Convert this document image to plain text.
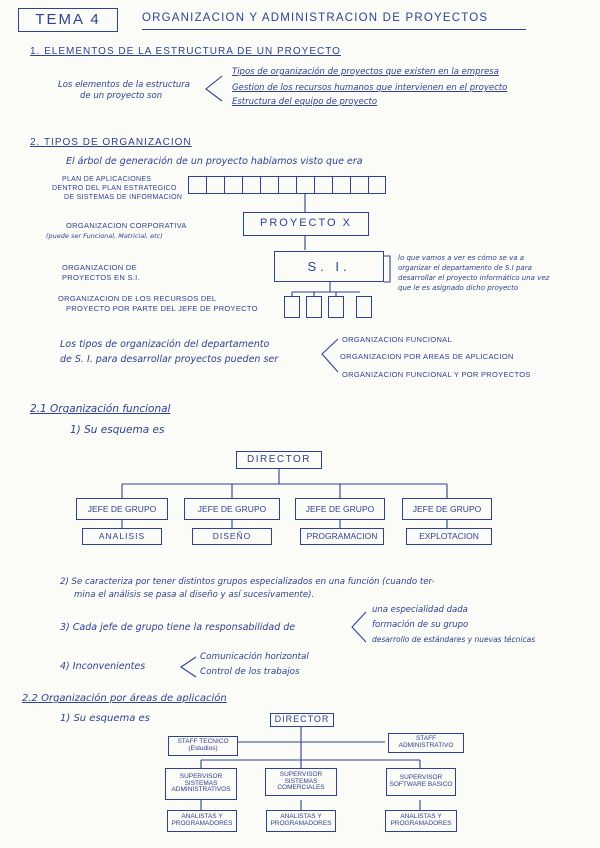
TEMA 4	ORGANIZACION Y ADMINISTRACION DE PROYECTOS
1. ELEMENTOS DE LA ESTRUCTURA DE UN PROYECTO
Los elementos de la estructura
de un proyecto son
Tipos de organización de proyectos que existen en la empresa
Gestion de los recursos humanos que intervienen en el proyecto
Estructura del equipo de proyecto
2. TIPOS DE ORGANIZACION
El árbol de generación de un proyecto habíamos visto que era
PLAN DE APLICACIONES
DENTRO DEL PLAN ESTRATEGICO
DE SISTEMAS DE INFORMACION
ORGANIZACION CORPORATIVA
(puede ser Funcional, Matricial, etc)
PROYECTO X
ORGANIZACION DE
PROYECTOS EN S.I.
S. I.
lo que vamos a ver es cómo se va a
organizar el departamento de S.I para
desarrollar el proyecto informático una vez
que le es asignado dicho proyecto
ORGANIZACION DE LOS RECURSOS DEL
PROYECTO POR PARTE DEL JEFE DE PROYECTO
Los tipos de organización del departamento
de S. I. para desarrollar proyectos pueden ser
ORGANIZACION FUNCIONAL
ORGANIZACION POR AREAS DE APLICACION
ORGANIZACION FUNCIONAL Y POR PROYECTOS
2.1 Organización funcional
1) Su esquema es
DIRECTOR
JEFE DE GRUPO	JEFE DE GRUPO	JEFE DE GRUPO	JEFE DE GRUPO
ANALISIS	DISEÑO	PROGRAMACION	EXPLOTACION
2) Se caracteriza por tener distintos grupos especializados en una función (cuando ter-
mina el análisis se pasa al diseño y así sucesivamente).
3) Cada jefe de grupo tiene la responsabilidad de
una especialidad dada
formación de su grupo
desarrollo de estándares y nuevas técnicas
4) Inconvenientes
Comunicación horizontal
Control de los trabajos
2.2 Organización por áreas de aplicación
1) Su esquema es	DIRECTOR
STAFF TECNICO (Estudios)
STAFF ADMINISTRATIVO
SUPERVISOR SISTEMAS ADMINISTRATIVOS
SUPERVISOR SISTEMAS COMERCIALES
SUPERVISOR SOFTWARE BASICO
ANALISTAS Y PROGRAMADORES
ANALISTAS Y PROGRAMADORES
ANALISTAS Y PROGRAMADORES
